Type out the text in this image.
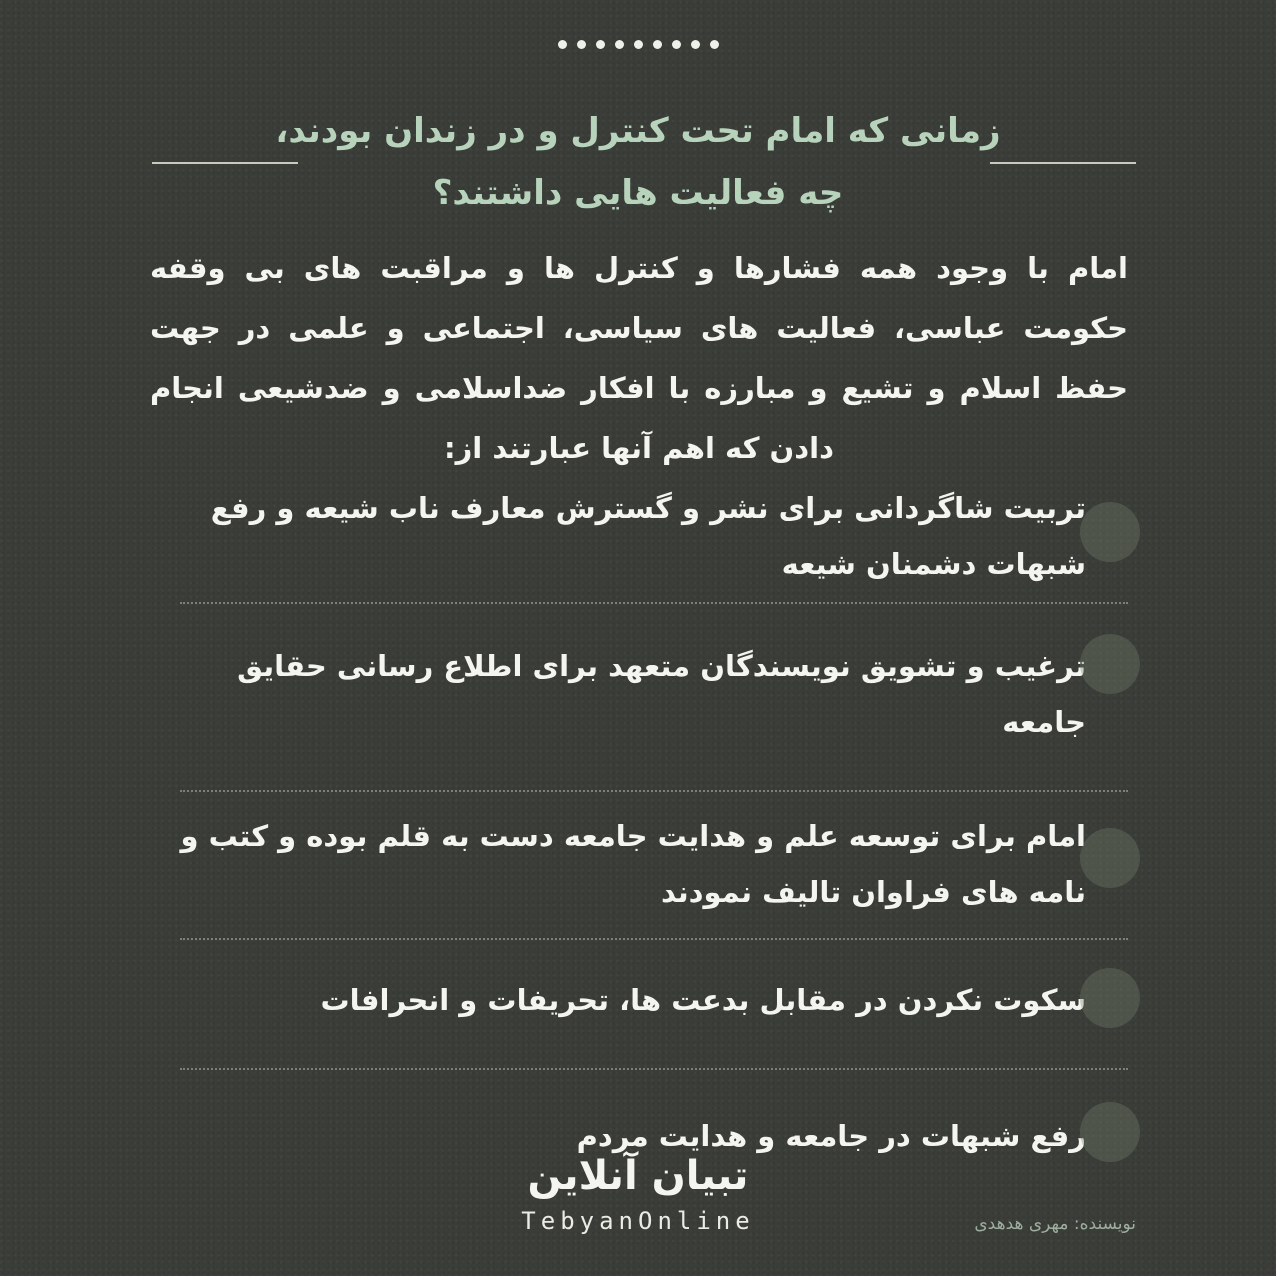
زمانی که امام تحت کنترل و در زندان بودند،
چه فعالیت هایی داشتند؟
امام با وجود همه فشارها و کنترل ها و مراقبت های بی وقفه حکومت عباسی، فعالیت های سیاسی، اجتماعی و علمی در جهت حفظ اسلام و تشیع و مبارزه با افکار ضداسلامی و ضدشیعی انجام دادن که اهم آنها عبارتند از:
تربیت شاگردانی برای نشر و گسترش معارف ناب شیعه و رفع شبهات دشمنان شیعه
ترغیب و تشویق نویسندگان متعهد برای اطلاع رسانی حقایق جامعه
امام برای توسعه علم و هدایت جامعه دست به قلم بوده و کتب و نامه های فراوان تالیف نمودند
سکوت نکردن در مقابل بدعت ها، تحریفات و انحرافات
رفع شبهات در جامعه و هدایت مردم
تبیان آنلاین
TebyanOnline	نویسنده: مهری هدهدی
